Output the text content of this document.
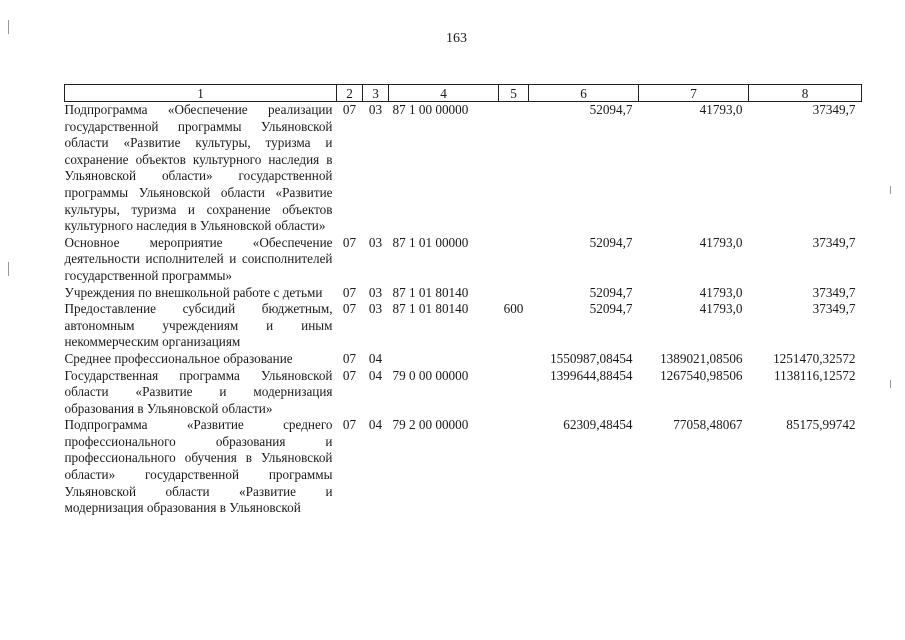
163
1	2	3	4	5	6	7	8
Подпрограмма «Обеспечение реализации государственной программы Ульяновской области «Развитие культуры, туризма и сохранение объектов культурного наследия в Ульяновской области» государственной программы Ульяновской области «Развитие культуры, туризма и сохранение объектов культурного наследия в Ульяновской области»	07	03	87 1 00 00000		52094,7	41793,0	37349,7
Основное мероприятие «Обеспечение деятельности исполнителей и соисполнителей государственной программы»	07	03	87 1 01 00000		52094,7	41793,0	37349,7
Учреждения по внешкольной работе с детьми	07	03	87 1 01 80140		52094,7	41793,0	37349,7
Предоставление субсидий бюджетным, автономным учреждениям и иным некоммерческим организациям	07	03	87 1 01 80140	600	52094,7	41793,0	37349,7
Среднее профессиональное образование	07	04			1550987,08454	1389021,08506	1251470,32572
Государственная программа Ульяновской области «Развитие и модернизация образования в Ульяновской области»	07	04	79 0 00 00000		1399644,88454	1267540,98506	1138116,12572
Подпрограмма «Развитие среднего профессионального образования и профессионального обучения в Ульяновской области» государственной программы Ульяновской области «Развитие и модернизация образования в Ульяновской	07	04	79 2 00 00000		62309,48454	77058,48067	85175,99742
